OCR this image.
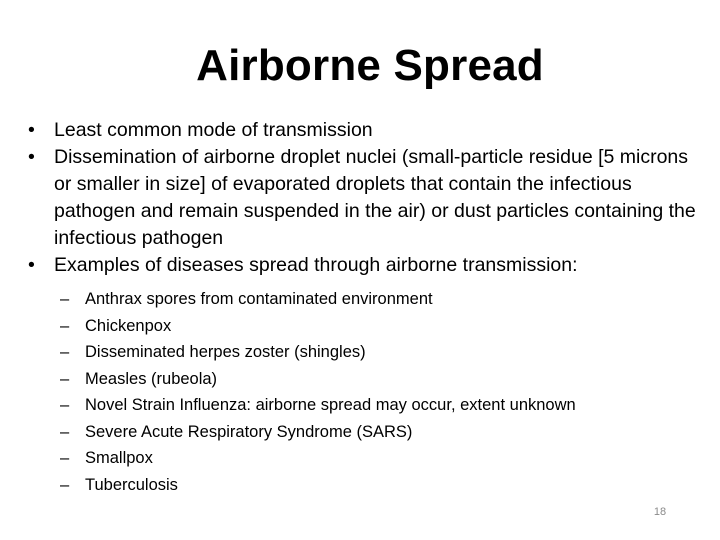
Airborne Spread
• Least common mode of transmission
• Dissemination of airborne droplet nuclei (small-particle residue [5 microns or smaller in size] of evaporated droplets that contain the infectious pathogen and remain suspended in the air) or dust particles containing the infectious pathogen
• Examples of diseases spread through airborne transmission:
– Anthrax spores from contaminated environment
– Chickenpox
– Disseminated herpes zoster (shingles)
– Measles (rubeola)
– Novel Strain Influenza: airborne spread may occur, extent unknown
– Severe Acute Respiratory Syndrome (SARS)
– Smallpox
– Tuberculosis
18
